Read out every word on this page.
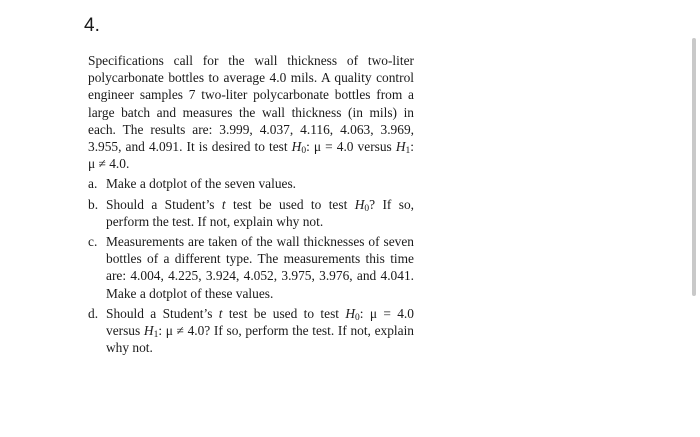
4.

Specifications call for the wall thickness of two-liter polycarbonate bottles to average 4.0 mils. A quality control engineer samples 7 two-liter polycarbonate bottles from a large batch and measures the wall thickness (in mils) in each. The results are: 3.999, 4.037, 4.116, 4.063, 3.969, 3.955, and 4.091. It is desired to test $H_0$: μ = 4.0 versus $H_1$: μ ≠ 4.0.

a. Make a dotplot of the seven values.
b. Should a Student’s t test be used to test $H_0$? If so, perform the test. If not, explain why not.
c. Measurements are taken of the wall thicknesses of seven bottles of a different type. The measurements this time are: 4.004, 4.225, 3.924, 4.052, 3.975, 3.976, and 4.041. Make a dotplot of these values.
d. Should a Student’s t test be used to test $H_0$: μ = 4.0 versus $H_1$: μ ≠ 4.0? If so, perform the test. If not, explain why not.
